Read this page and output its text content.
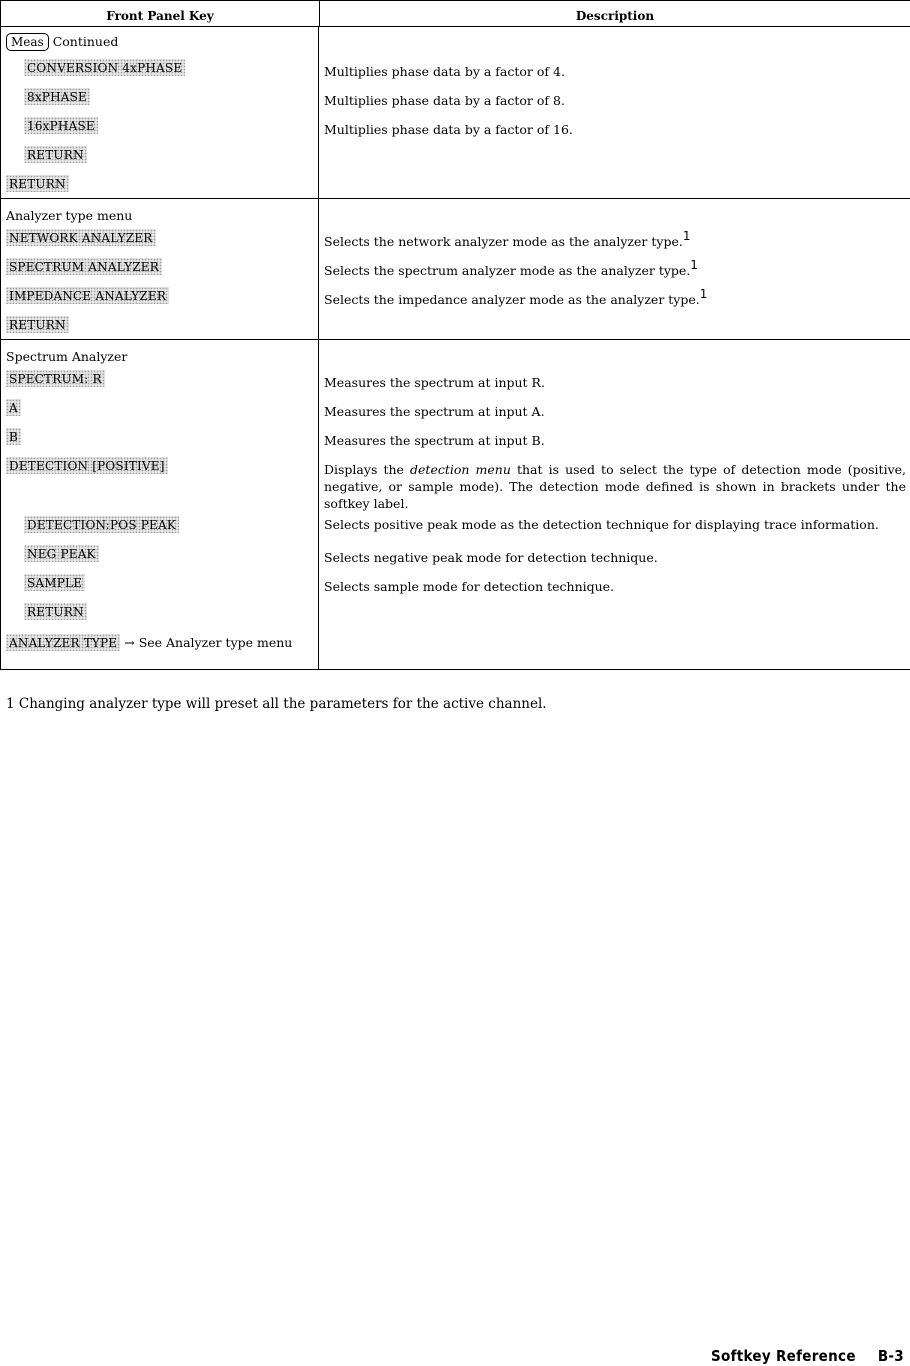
Front Panel Key	Description
Meas Continued
CONVERSION 4xPHASE	Multiplies phase data by a factor of 4.
8xPHASE	Multiplies phase data by a factor of 8.
16xPHASE	Multiplies phase data by a factor of 16.
RETURN
RETURN
Analyzer type menu
NETWORK ANALYZER	Selects the network analyzer mode as the analyzer type.$^1$
SPECTRUM ANALYZER	Selects the spectrum analyzer mode as the analyzer type.$^1$
IMPEDANCE ANALYZER	Selects the impedance analyzer mode as the analyzer type.$^1$
RETURN
Spectrum Analyzer
SPECTRUM: R	Measures the spectrum at input R.
A	Measures the spectrum at input A.
B	Measures the spectrum at input B.
DETECTION [POSITIVE]	Displays the detection menu that is used to select the type of detection mode (positive, negative, or sample mode). The detection mode defined is shown in brackets under the softkey label.
DETECTION:POS PEAK	Selects positive peak mode as the detection technique for displaying trace information.
NEG PEAK	Selects negative peak mode for detection technique.
SAMPLE	Selects sample mode for detection technique.
RETURN
ANALYZER TYPE → See Analyzer type menu
1 Changing analyzer type will preset all the parameters for the active channel.
Softkey Reference B-3
